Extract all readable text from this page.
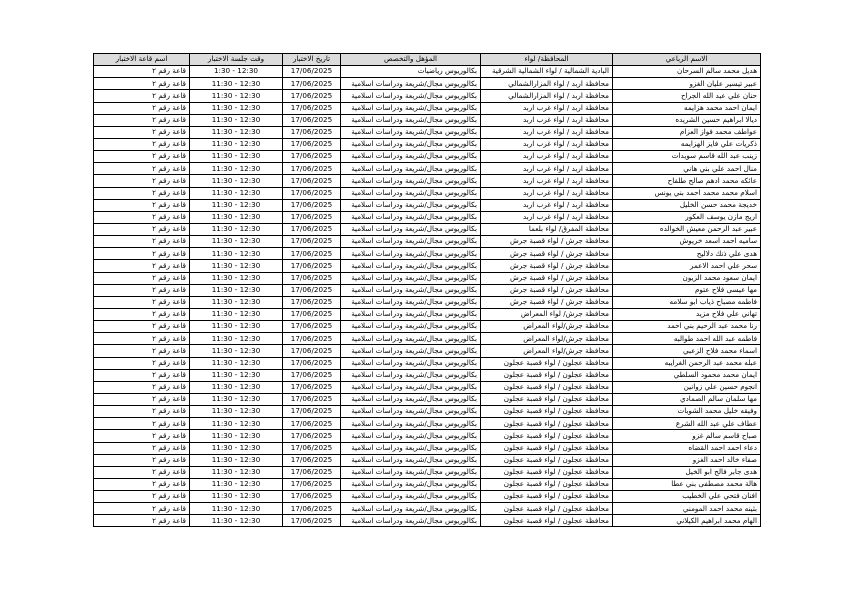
الاسم الرباعي	المحافظة/ لواء	المؤهل والتخصص	تاريخ الاختبار	وقت جلسة الاختبار	اسم قاعة الاختبار
هديل محمد سالم السرحان	البادية الشمالية / لواء الشمالية الشرقية	بكالوريوس رياضيات	17/06/2025	1:30 - 12:30	قاعة رقم ٢
عبير تيسير عليان الغزو	محافظة اربد / لواء المزارالشمالي	بكالوريوس مجال/شريعة ودراسات اسلامية	17/06/2025	11:30 - 12:30	قاعة رقم ٢
حنان علي عبد الله الجراح	محافظة اربد / لواء المزارالشمالي	بكالوريوس مجال/شريعة ودراسات اسلامية	17/06/2025	11:30 - 12:30	قاعة رقم ٢
ايمان احمد محمد هزايمه	محافظة اربد / لواء غرب اربد	بكالوريوس مجال/شريعة ودراسات اسلامية	17/06/2025	11:30 - 12:30	قاعة رقم ٢
ديالا ابراهيم حسين الشريده	محافظة اربد / لواء غرب اربد	بكالوريوس مجال/شريعة ودراسات اسلامية	17/06/2025	11:30 - 12:30	قاعة رقم ٢
عواطف محمد فواز العزام	محافظة اربد / لواء غرب اربد	بكالوريوس مجال/شريعة ودراسات اسلامية	17/06/2025	11:30 - 12:30	قاعة رقم ٢
ذكريات علي فايز الهزايمه	محافظة اربد / لواء غرب اربد	بكالوريوس مجال/شريعة ودراسات اسلامية	17/06/2025	11:30 - 12:30	قاعة رقم ٢
زينب عبد الله قاسم سويدات	محافظة اربد / لواء غرب اربد	بكالوريوس مجال/شريعة ودراسات اسلامية	17/06/2025	11:30 - 12:30	قاعة رقم ٢
منال احمد علي بني هاني	محافظة اربد / لواء غرب اربد	بكالوريوس مجال/شريعة ودراسات اسلامية	17/06/2025	11:30 - 12:30	قاعة رقم ٢
عائكه محمد ادهم صالح طلفاح	محافظة اربد / لواء غرب اربد	بكالوريوس مجال/شريعة ودراسات اسلامية	17/06/2025	11:30 - 12:30	قاعة رقم ٢
اسلام محمد محمد احمد بني يونس	محافظة اربد / لواء غرب اربد	بكالوريوس مجال/شريعة ودراسات اسلامية	17/06/2025	11:30 - 12:30	قاعة رقم ٢
خديجة محمد حسن الخليل	محافظة اربد / لواء غرب اربد	بكالوريوس مجال/شريعة ودراسات اسلامية	17/06/2025	11:30 - 12:30	قاعة رقم ٢
اريج مازن يوسف العكور	محافظة اربد / لواء غرب اربد	بكالوريوس مجال/شريعة ودراسات اسلامية	17/06/2025	11:30 - 12:30	قاعة رقم ٢
عبير عبد الرحمن معيش الخوالده	محافظة المفرق/ لواء بلعما	بكالوريوس مجال/شريعة ودراسات اسلامية	17/06/2025	11:30 - 12:30	قاعة رقم ٢
ساميه احمد اسعد خريوش	محافظة جرش / لواء قصبة جرش	بكالوريوس مجال/شريعة ودراسات اسلامية	17/06/2025	11:30 - 12:30	قاعة رقم ٢
هدى علي ذنك دلاليح	محافظة جرش / لواء قصبة جرش	بكالوريوس مجال/شريعة ودراسات اسلامية	17/06/2025	11:30 - 12:30	قاعة رقم ٢
سحر علي احمد الاعمر	محافظة جرش / لواء قصبة جرش	بكالوريوس مجال/شريعة ودراسات اسلامية	17/06/2025	11:30 - 12:30	قاعة رقم ٢
ايمان سعود محمد الزيون	محافظة جرش / لواء قصبة جرش	بكالوريوس مجال/شريعة ودراسات اسلامية	17/06/2025	11:30 - 12:30	قاعة رقم ٢
مها عيسى فلاح عتوم	محافظة جرش / لواء قصبة جرش	بكالوريوس مجال/شريعة ودراسات اسلامية	17/06/2025	11:30 - 12:30	قاعة رقم ٢
فاطمه مصباح ذياب ابو سلامه	محافظة جرش / لواء قصبة جرش	بكالوريوس مجال/شريعة ودراسات اسلامية	17/06/2025	11:30 - 12:30	قاعة رقم ٢
تهاني علي فلاح مزيد	محافظة جرش/ لواء المعراض	بكالوريوس مجال/شريعة ودراسات اسلامية	17/06/2025	11:30 - 12:30	قاعة رقم ٢
رنا محمد عبد الرحيم بني احمد	محافظة جرش/لواء المعراض	بكالوريوس مجال/شريعة ودراسات اسلامية	17/06/2025	11:30 - 12:30	قاعة رقم ٢
فاطمه عبد الله احمد طوالبه	محافظة جرش/لواء المعراض	بكالوريوس مجال/شريعة ودراسات اسلامية	17/06/2025	11:30 - 12:30	قاعة رقم ٢
اسماء محمد فلاح الزعبي	محافظة جرش/لواء المعراض	بكالوريوس مجال/شريعة ودراسات اسلامية	17/06/2025	11:30 - 12:30	قاعة رقم ٢
عبله محمد عبد الرحمن الغرايبه	محافظة عجلون / لواء قصبة عجلون	بكالوريوس مجال/شريعة ودراسات اسلامية	17/06/2025	11:30 - 12:30	قاعة رقم ٢
ايمان محمد محمود السلطي	محافظة عجلون / لواء قصبة عجلون	بكالوريوس مجال/شريعة ودراسات اسلامية	17/06/2025	11:30 - 12:30	قاعة رقم ٢
انجوم حسين علي زوانين	محافظة عجلون / لواء قصبة عجلون	بكالوريوس مجال/شريعة ودراسات اسلامية	17/06/2025	11:30 - 12:30	قاعة رقم ٢
مها سلمان سالم الصمادي	محافظة عجلون / لواء قصبة عجلون	بكالوريوس مجال/شريعة ودراسات اسلامية	17/06/2025	11:30 - 12:30	قاعة رقم ٢
وفيقه خليل محمد الشوبات	محافظة عجلون / لواء قصبة عجلون	بكالوريوس مجال/شريعة ودراسات اسلامية	17/06/2025	11:30 - 12:30	قاعة رقم ٢
عطاف علي عبد الله الشرع	محافظة عجلون / لواء قصبة عجلون	بكالوريوس مجال/شريعة ودراسات اسلامية	17/06/2025	11:30 - 12:30	قاعة رقم ٢
صباح قاسم سالم غزو	محافظة عجلون / لواء قصبة عجلون	بكالوريوس مجال/شريعة ودراسات اسلامية	17/06/2025	11:30 - 12:30	قاعة رقم ٢
دعاء احمد احمد القضاه	محافظة عجلون / لواء قصبة عجلون	بكالوريوس مجال/شريعة ودراسات اسلامية	17/06/2025	11:30 - 12:30	قاعة رقم ٢
صفاء خالد احمد الغزو	محافظة عجلون / لواء قصبة عجلون	بكالوريوس مجال/شريعة ودراسات اسلامية	17/06/2025	11:30 - 12:30	قاعة رقم ٢
هدى جابر فالح ابو الخيل	محافظة عجلون / لواء قصبة عجلون	بكالوريوس مجال/شريعة ودراسات اسلامية	17/06/2025	11:30 - 12:30	قاعة رقم ٢
هالة محمد مصطفى بني عطا	محافظة عجلون / لواء قصبة عجلون	بكالوريوس مجال/شريعة ودراسات اسلامية	17/06/2025	11:30 - 12:30	قاعة رقم ٢
افنان فتحي علي الخطيب	محافظة عجلون / لواء قصبة عجلون	بكالوريوس مجال/شريعة ودراسات اسلامية	17/06/2025	11:30 - 12:30	قاعة رقم ٢
بثينه محمد احمد المومني	محافظة عجلون / لواء قصبة عجلون	بكالوريوس مجال/شريعة ودراسات اسلامية	17/06/2025	11:30 - 12:30	قاعة رقم ٢
الهام محمد ابراهيم الكيلاني	محافظة عجلون / لواء قصبة عجلون	بكالوريوس مجال/شريعة ودراسات اسلامية	17/06/2025	11:30 - 12:30	قاعة رقم ٢
